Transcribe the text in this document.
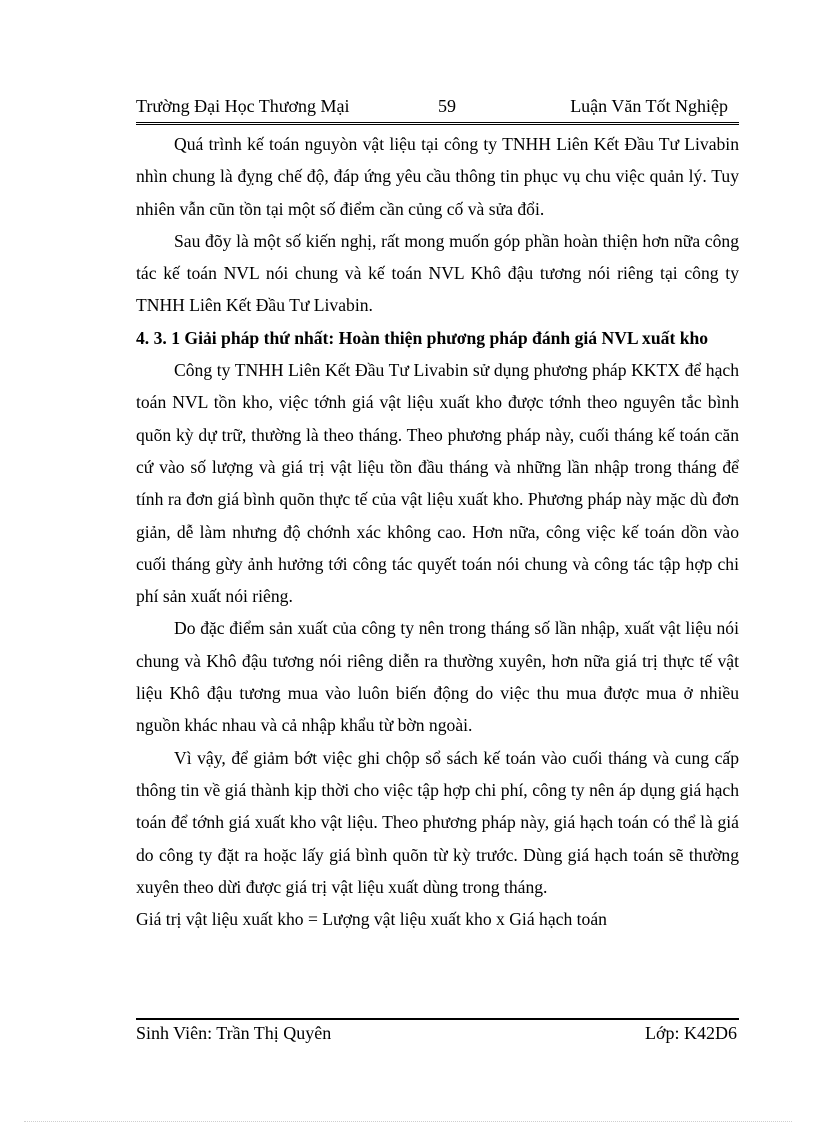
Trường Đại Học Thương Mại	59	Luận Văn Tốt Nghiệp

Quá trình kế toán nguyòn vật liệu tại công ty TNHH Liên Kết Đầu Tư Livabin nhìn chung là đỵng chế độ, đáp ứng yêu cầu thông tin phục vụ chu việc quản lý. Tuy nhiên vẫn cũn tồn tại một số điểm cần củng cố và sửa đổi.

Sau đõy là một số kiến nghị, rất mong muốn góp phần hoàn thiện hơn nữa công tác kế toán NVL nói chung và kế toán NVL Khô đậu tương nói riêng tại công ty TNHH Liên Kết Đầu Tư Livabin.

4. 3. 1 Giải pháp thứ nhất: Hoàn thiện phương pháp đánh giá NVL xuất kho

Công ty TNHH Liên Kết Đầu Tư Livabin sử dụng phương pháp KKTX để hạch toán NVL tồn kho, việc tớnh giá vật liệu xuất kho được tớnh theo nguyên tắc bình quõn kỳ dự trữ, thường là theo tháng. Theo phương pháp này, cuối tháng kế toán căn cứ vào số lượng và giá trị vật liệu tồn đầu tháng và những lần nhập trong tháng để tính ra đơn giá bình quõn thực tế của vật liệu xuất kho. Phương pháp này mặc dù đơn giản, dễ làm nhưng độ chớnh xác không cao. Hơn nữa, công việc kế toán dồn vào cuối tháng gừy ảnh hưởng tới công tác quyết toán nói chung và công tác tập hợp chi phí sản xuất nói riêng.

Do đặc điểm sản xuất của công ty nên trong tháng số lần nhập, xuất vật liệu nói chung và Khô đậu tương nói riêng diễn ra thường xuyên, hơn nữa giá trị thực tế vật liệu Khô đậu tương mua vào luôn biến động do việc thu mua được mua ở nhiều nguồn khác nhau và cả nhập khẩu từ bờn ngoài.

Vì vậy, để giảm bớt việc ghi chộp sổ sách kế toán vào cuối tháng và cung cấp thông tin về giá thành kịp thời cho việc tập hợp chi phí, công ty nên áp dụng giá hạch toán để tớnh giá xuất kho vật liệu. Theo phương pháp này, giá hạch toán có thể là giá do công ty đặt ra hoặc lấy giá bình quõn từ kỳ trước. Dùng giá hạch toán sẽ thường xuyên theo dừi được giá trị vật liệu xuất dùng trong tháng.

Giá trị vật liệu xuất kho = Lượng vật liệu xuất kho x Giá hạch toán

Sinh Viên: Trần Thị Quyên	Lớp: K42D6
